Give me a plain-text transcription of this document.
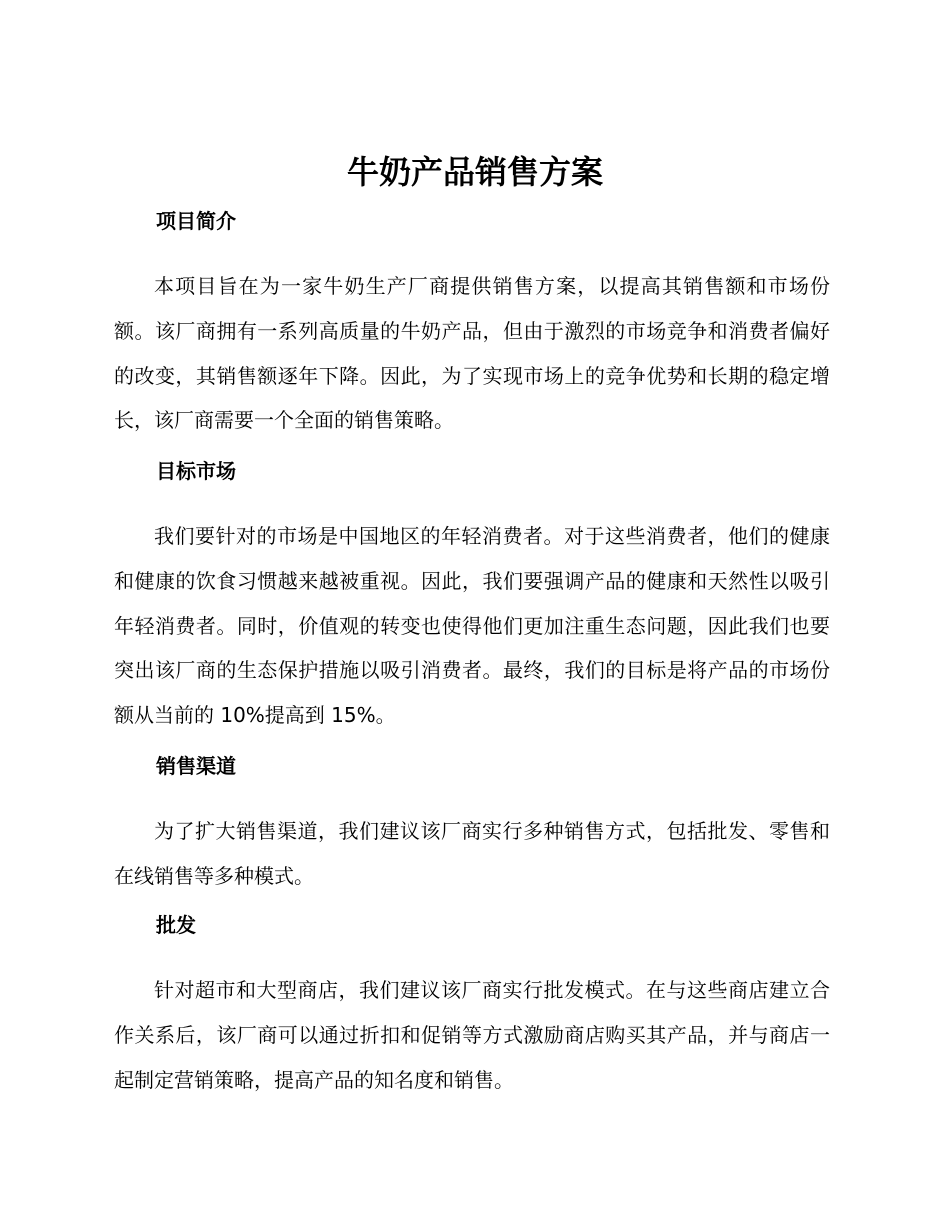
牛奶产品销售方案
项目简介

本项目旨在为一家牛奶生产厂商提供销售方案，以提高其销售额和市场份额。该厂商拥有一系列高质量的牛奶产品，但由于激烈的市场竞争和消费者偏好的改变，其销售额逐年下降。因此，为了实现市场上的竞争优势和长期的稳定增长，该厂商需要一个全面的销售策略。

目标市场

我们要针对的市场是中国地区的年轻消费者。对于这些消费者，他们的健康和健康的饮食习惯越来越被重视。因此，我们要强调产品的健康和天然性以吸引年轻消费者。同时，价值观的转变也使得他们更加注重生态问题，因此我们也要突出该厂商的生态保护措施以吸引消费者。最终，我们的目标是将产品的市场份额从当前的 10%提高到 15%。

销售渠道

为了扩大销售渠道，我们建议该厂商实行多种销售方式，包括批发、零售和在线销售等多种模式。

批发

针对超市和大型商店，我们建议该厂商实行批发模式。在与这些商店建立合作关系后，该厂商可以通过折扣和促销等方式激励商店购买其产品，并与商店一起制定营销策略，提高产品的知名度和销售。
